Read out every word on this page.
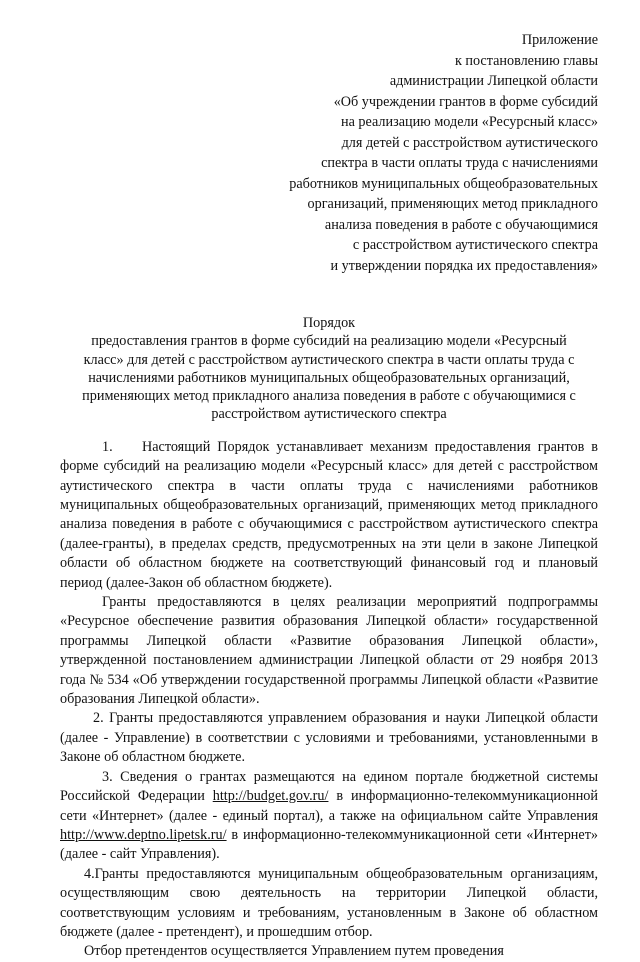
Приложение
к постановлению главы
администрации Липецкой области
«Об учреждении грантов в форме субсидий
на реализацию модели «Ресурсный класс»
для детей с расстройством аутистического
спектра в части оплаты труда с начислениями
работников муниципальных общеобразовательных
организаций, применяющих метод прикладного
анализа поведения в работе с обучающимися
с расстройством аутистического спектра
и утверждении порядка их предоставления»
Порядок
предоставления грантов в форме субсидий на реализацию модели «Ресурсный
класс» для детей с расстройством аутистического спектра в части оплаты труда с
начислениями работников муниципальных общеобразовательных организаций,
применяющих метод прикладного анализа поведения в работе с обучающимися с
расстройством аутистического спектра

1. Настоящий Порядок устанавливает механизм предоставления грантов в форме субсидий на реализацию модели «Ресурсный класс» для детей с расстройством аутистического спектра в части оплаты труда с начислениями работников муниципальных общеобразовательных организаций, применяющих метод прикладного анализа поведения в работе с обучающимися с расстройством аутистического спектра (далее-гранты), в пределах средств, предусмотренных на эти цели в законе Липецкой области об областном бюджете на соответствующий финансовый год и плановый период (далее-Закон об областном бюджете).

Гранты предоставляются в целях реализации мероприятий подпрограммы «Ресурсное обеспечение развития образования Липецкой области» государственной программы Липецкой области «Развитие образования Липецкой области», утвержденной постановлением администрации Липецкой области от 29 ноября 2013 года № 534 «Об утверждении государственной программы Липецкой области «Развитие образования Липецкой области».

2. Гранты предоставляются управлением образования и науки Липецкой области (далее - Управление) в соответствии с условиями и требованиями, установленными в Законе об областном бюджете.

3. Сведения о грантах размещаются на едином портале бюджетной системы Российской Федерации http://budget.gov.ru/ в информационно-телекоммуникационной сети «Интернет» (далее - единый портал), а также на официальном сайте Управления http://www.deptno.lipetsk.ru/ в информационно-телекоммуникационной сети «Интернет» (далее - сайт Управления).

4.Гранты предоставляются муниципальным общеобразовательным организациям, осуществляющим свою деятельность на территории Липецкой области, соответствующим условиям и требованиям, установленным в Законе об областном бюджете (далее - претендент), и прошедшим отбор.

Отбор претендентов осуществляется Управлением путем проведения
